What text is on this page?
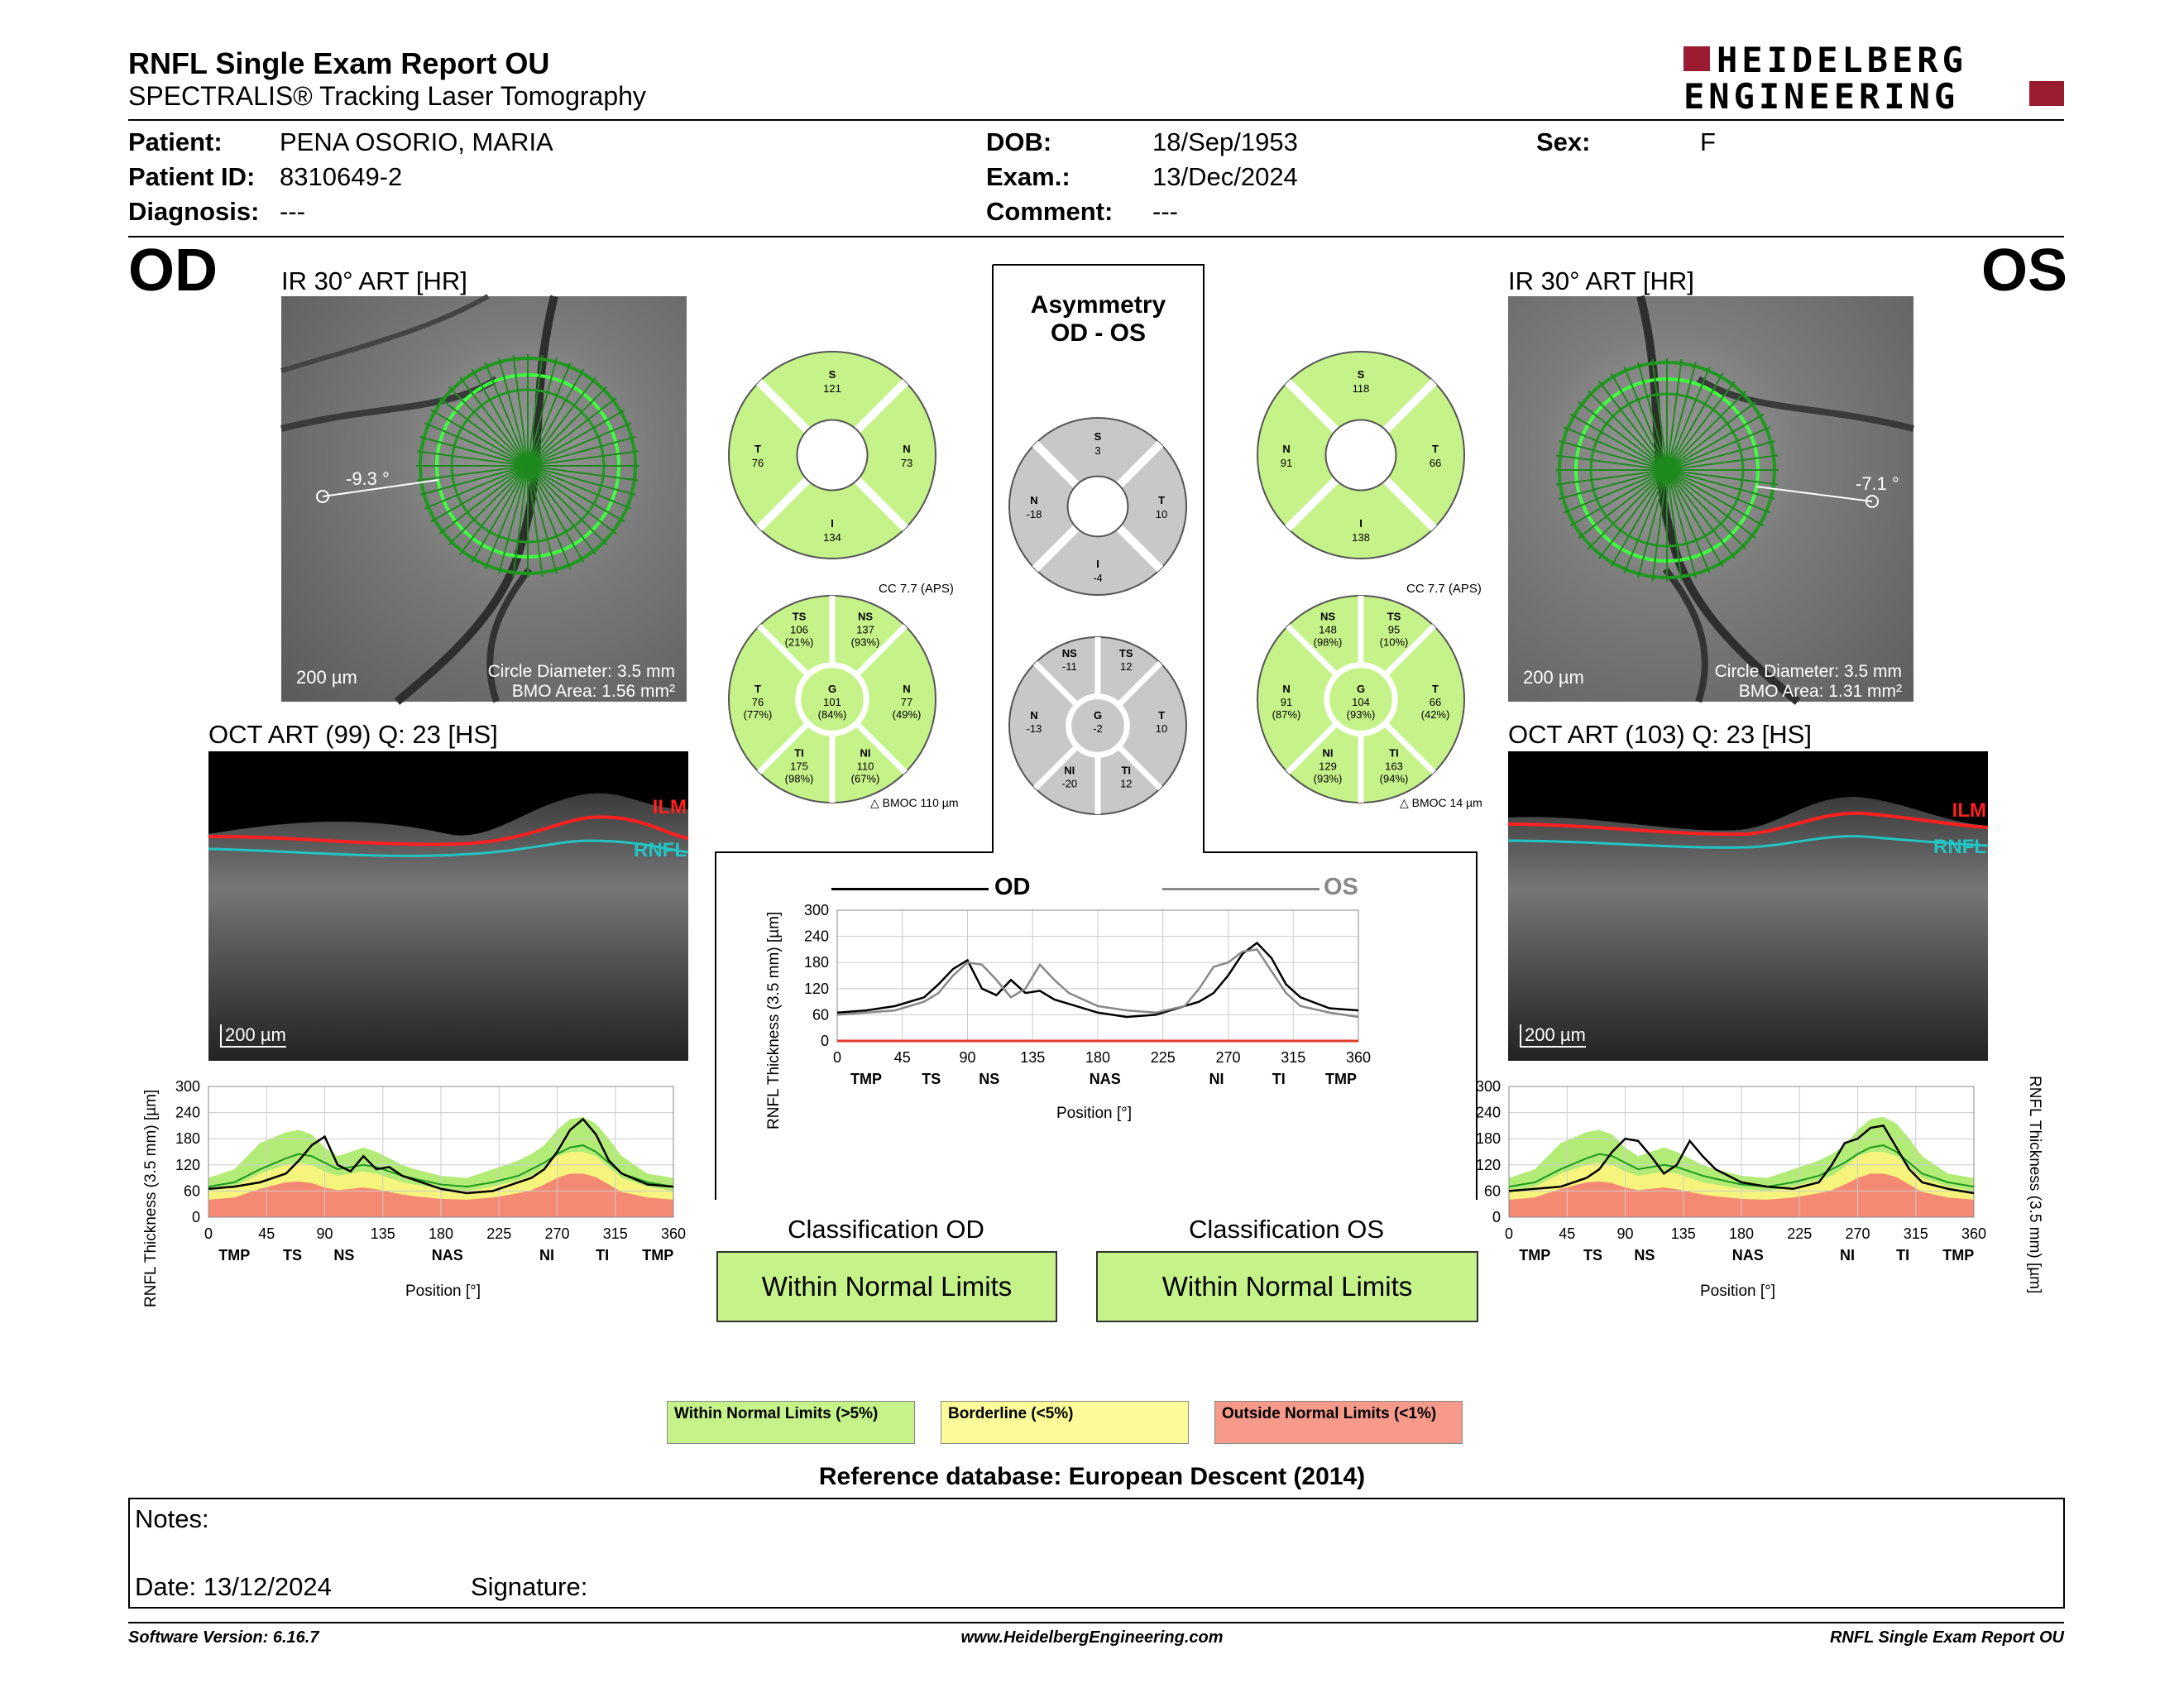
RNFL Single Exam Report OU
SPECTRALIS® Tracking Laser Tomography
HEIDELBERG
ENGINEERING
Patient: PENA OSORIO, MARIA
Patient ID: 8310649-2
Diagnosis: ---
DOB:	18/Sep/1953
Exam.:	13/Dec/2024
Comment: ---
Sex:	F
OD	OS
IR 30° ART [HR]
-9.3 °
200 µm	Circle Diameter: 3.5 mm
BMO Area: 1.56 mm²
IR 30° ART [HR]
-7.1 °
200 µm	Circle Diameter: 3.5 mm
BMO Area: 1.31 mm²
OCT ART (99) Q: 23 [HS]
ILM
RNFL
200 µm
OCT ART (103) Q: 23 [HS]
ILM
RNFL
200 µm
S
121
T
76
N
73
I
134
S
118
N
91
T
66
I
138
S
3
N
-18
T
10
I
-4
TS
106
(21%)
NS
137
(93%)
T
76
(77%)
G
101
(84%)
N
77
(49%)
TI
175
(98%)
NI
110
(67%)
NS
148
(98%)
TS
95
(10%)
N
91
(87%)
G
104
(93%)
T
66
(42%)
NI
129
(93%)
TI
163
(94%)
NS
-11
TS
12
N
-13
G
-2
T
10
NI
-20
TI
12
Asymmetry
OD - OS
CC 7.7 (APS)	CC 7.7 (APS)
△ BMOC 110 µm	△ BMOC 14 µm
0
60
120
180
240
300
0	45	90	135 180 225 270 315 360
TMP TS NS	NAS	NI	TI TMP
0
60
120
180
240
300
0	45	90	135 180 225 270 315 360
TMP TS NS	NAS	NI	TI TMP
0
60
120
180
240
300
0	45	90	135	180	225	270	315	360
TMP	TS	NS	NAS	NI	TI	TMP
RNFL Thickness (3.5 mm) [µm]	RNFL Thickness (3.5 mm) [µm]
RNFL Thickness (3.5 mm) [µm]
Position [°]	Position [°]
Position [°]
OD	OS
Classification OD
Within Normal Limits
Classification OS
Within Normal Limits
Within Normal Limits (>5%)	Borderline (<5%)	Outside Normal Limits (<1%)
Reference database: European Descent (2014)
Notes:
Date: 13/12/2024	Signature:
Software Version: 6.16.7	www.HeidelbergEngineering.com	RNFL Single Exam Report OU
